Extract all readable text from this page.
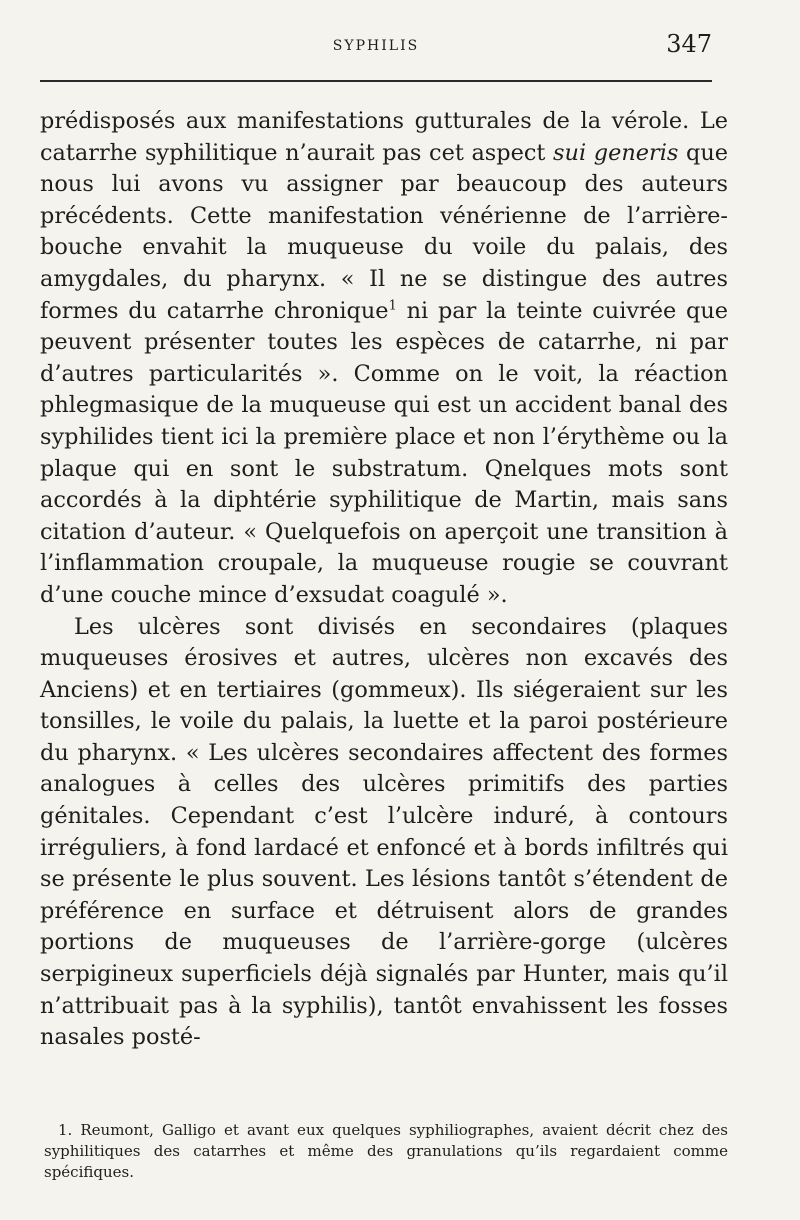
SYPHILIS	347

prédisposés aux manifestations gutturales de la vérole. Le catarrhe syphilitique n’aurait pas cet aspect sui generis que nous lui avons vu assigner par beaucoup des auteurs précédents. Cette manifestation vénérienne de l’arrière-bouche envahit la muqueuse du voile du palais, des amygdales, du pharynx. « Il ne se distingue des autres formes du catarrhe chronique$^1$ ni par la teinte cuivrée que peuvent présenter toutes les espèces de catarrhe, ni par d’autres particularités ». Comme on le voit, la réaction phlegmasique de la muqueuse qui est un accident banal des syphilides tient ici la première place et non l’érythème ou la plaque qui en sont le substratum. Qnelques mots sont accordés à la diphtérie syphilitique de Martin, mais sans citation d’auteur. « Quelquefois on aperçoit une transition à l’inflammation croupale, la muqueuse rougie se couvrant d’une couche mince d’exsudat coagulé ».

Les ulcères sont divisés en secondaires (plaques muqueuses érosives et autres, ulcères non excavés des Anciens) et en tertiaires (gommeux). Ils siégeraient sur les tonsilles, le voile du palais, la luette et la paroi postérieure du pharynx. « Les ulcères secondaires affectent des formes analogues à celles des ulcères primitifs des parties génitales. Cependant c’est l’ulcère induré, à contours irréguliers, à fond lardacé et enfoncé et à bords infiltrés qui se présente le plus souvent. Les lésions tantôt s’étendent de préférence en surface et détruisent alors de grandes portions de muqueuses de l’arrière-gorge (ulcères serpigineux superficiels déjà signalés par Hunter, mais qu’il n’attribuait pas à la syphilis), tantôt envahissent les fosses nasales posté-

1. Reumont, Galligo et avant eux quelques syphiliographes, avaient décrit chez des syphilitiques des catarrhes et même des granulations qu’ils regardaient comme spécifiques.
